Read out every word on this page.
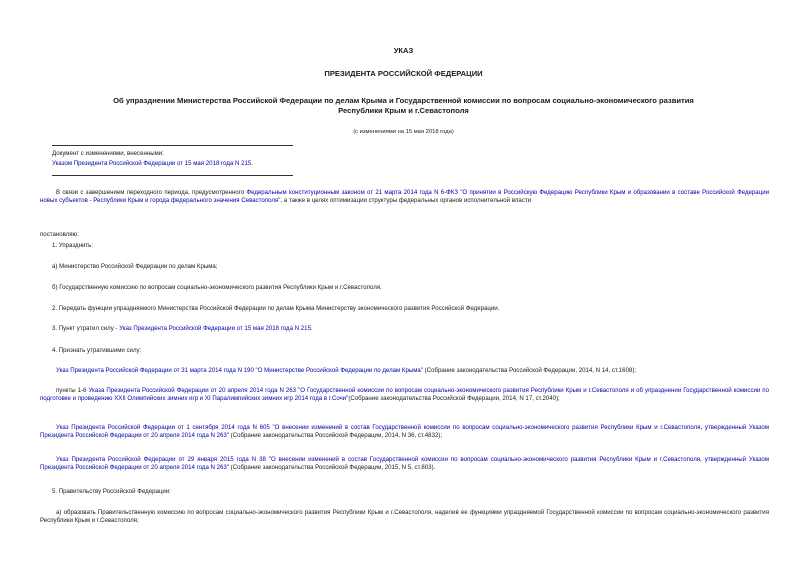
УКАЗ
ПРЕЗИДЕНТА РОССИЙСКОЙ ФЕДЕРАЦИИ
Об упразднении Министерства Российской Федерации по делам Крыма и Государственной комиссии по вопросам социально-экономического развития
Республики Крым и г.Севастополя
(с изменениями на 15 мая 2018 года)
Документ с изменениями, внесенными:
Указом Президента Российской Федерации от 15 мая 2018 года N 215.
В связи с завершением переходного периода, предусмотренного Федеральным конституционным законом от 21 марта 2014 года N 6-ФКЗ "О принятии в Российскую Федерацию Республики Крым и образовании в составе Российской Федерации новых субъектов - Республики Крым и города федерального значения Севастополя", а также в целях оптимизации структуры федеральных органов исполнительной власти
постановляю:
1. Упразднить:
а) Министерство Российской Федерации по делам Крыма;
б) Государственную комиссию по вопросам социально-экономического развития Республики Крым и г.Севастополя.
2. Передать функции упраздняемого Министерства Российской Федерации по делам Крыма Министерству экономического развития Российской Федерации.
3. Пункт утратил силу - Указ Президента Российской Федерации от 15 мая 2018 года N 215.
4. Признать утратившими силу:
Указ Президента Российской Федерации от 31 марта 2014 года N 190 "О Министерстве Российской Федерации по делам Крыма" (Собрание законодательства Российской Федерации, 2014, N 14, ст.1608);
пункты 1-6 Указа Президента Российской Федерации от 20 апреля 2014 года N 263 "О Государственной комиссии по вопросам социально-экономического развития Республики Крым и г.Севастополя и об упразднении Государственной комиссии по подготовке и проведению XXII Олимпийских зимних игр и XI Паралимпийских зимних игр 2014 года в г.Сочи"(Собрание законодательства Российской Федерации, 2014, N 17, ст.2040);
Указ Президента Российской Федерации от 1 сентября 2014 года N 605 "О внесении изменений в состав Государственной комиссии по вопросам социально-экономического развития Республики Крым и г.Севастополя, утвержденный Указом Президента Российской Федерации от 20 апреля 2014 года N 263" (Собрание законодательства Российской Федерации, 2014, N 36, ст.4832);
Указ Президента Российской Федерации от 29 января 2015 года N 38 "О внесении изменений в состав Государственной комиссии по вопросам социально-экономического развития Республики Крым и г.Севастополя, утвержденный Указом Президента Российской Федерации от 20 апреля 2014 года N 263" (Собрание законодательства Российской Федерации, 2015, N 5, ст.803).
5. Правительству Российской Федерации:
а) образовать Правительственную комиссию по вопросам социально-экономического развития Республики Крым и г.Севастополя, наделив ее функциями упраздняемой Государственной комиссии по вопросам социально-экономического развития Республики Крым и г.Севастополя;
